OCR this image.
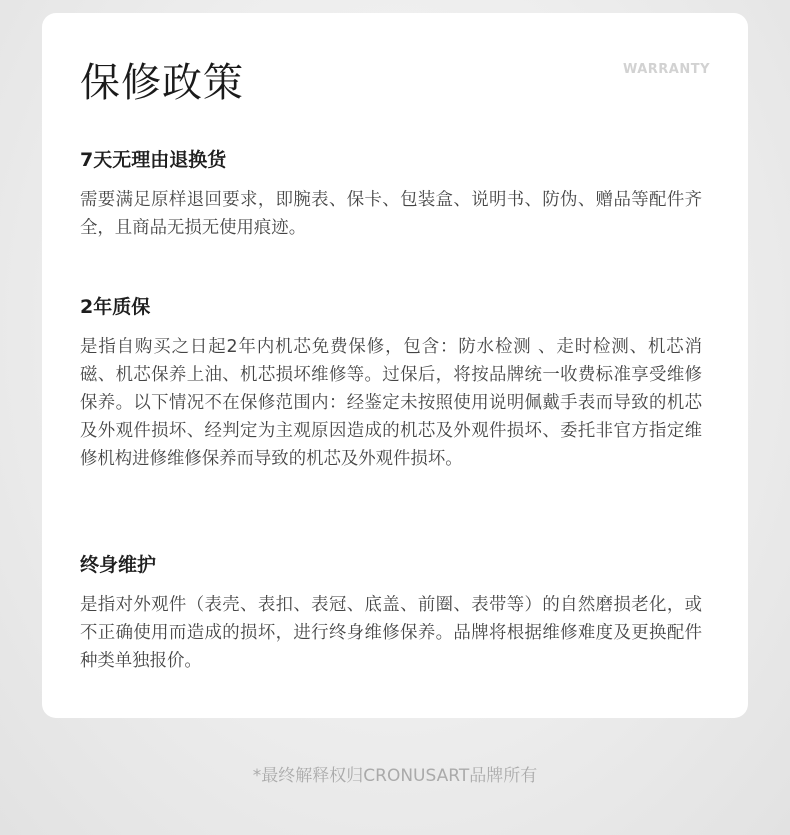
保修政策	WARRANTY
7天无理由退换货

需要满足原样退回要求，即腕表、保卡、包装盒、说明书、防伪、赠品等配件齐全，且商品无损无使用痕迹。

2年质保

是指自购买之日起2年内机芯免费保修，包含：防水检测 、走时检测、机芯消磁、机芯保养上油、机芯损坏维修等。过保后，将按品牌统一收费标准享受维修保养。以下情况不在保修范围内：经鉴定未按照使用说明佩戴手表而导致的机芯及外观件损坏、经判定为主观原因造成的机芯及外观件损坏、委托非官方指定维修机构进修维修保养而导致的机芯及外观件损坏。

终身维护

是指对外观件（表壳、表扣、表冠、底盖、前圈、表带等）的自然磨损老化，或不正确使用而造成的损坏，进行终身维修保养。品牌将根据维修难度及更换配件种类单独报价。

*最终解释权归CRONUSART品牌所有
